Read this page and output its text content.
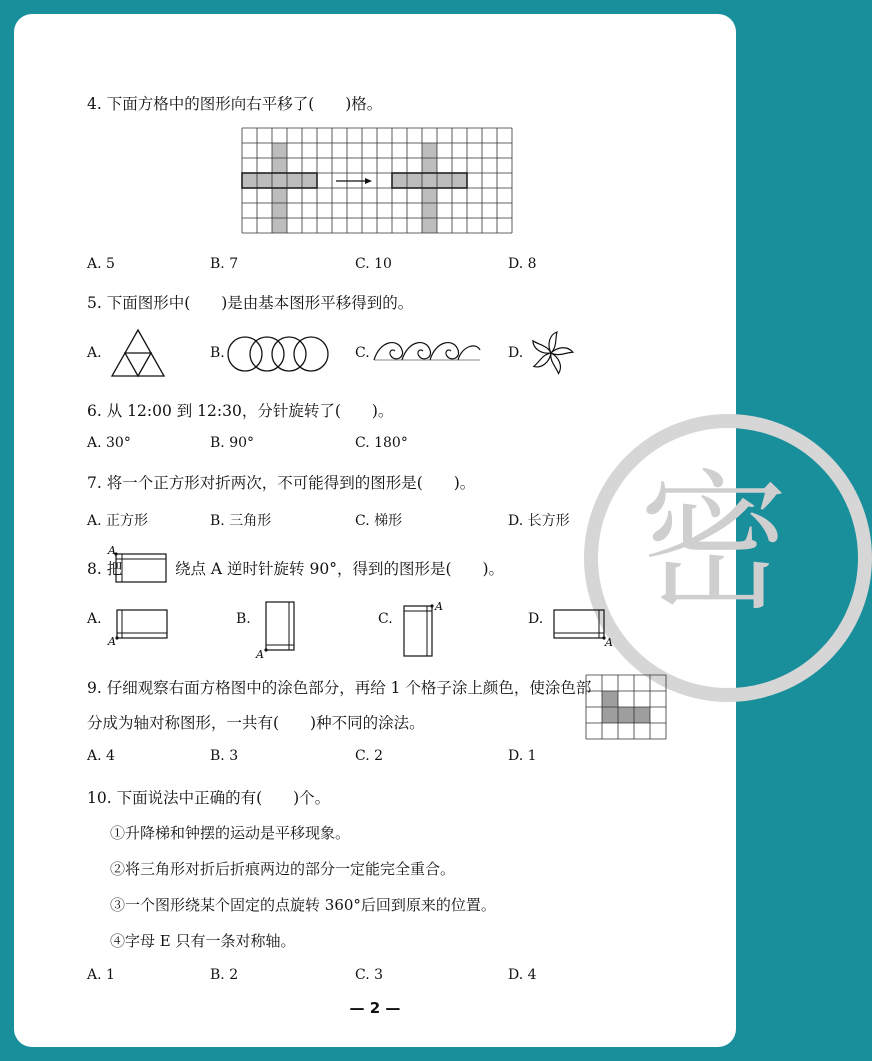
密
4. 下面方格中的图形向右平移了(　　)格。
A. 5	B. 7	C. 10	D. 8
5. 下面图形中(　　)是由基本图形平移得到的。
A.	B.	C.	D.
6. 从 12:00 到 12:30，分针旋转了(　　)。
A. 30°	B. 90°	C. 180°
7. 将一个正方形对折两次，不可能得到的图形是(　　)。
A. 正方形	B. 三角形	C. 梯形	D. 长方形
8. 把
A
绕点 A 逆时针旋转 90°，得到的图形是(　　)。
A.
A
B.
A
C.
A
D.
A
9. 仔细观察右面方格图中的涂色部分，再给 1 个格子涂上颜色，使涂色部
分成为轴对称图形，一共有(　　)种不同的涂法。
A. 4	B. 3	C. 2	D. 1
10. 下面说法中正确的有(　　)个。
①升降梯和钟摆的运动是平移现象。
②将三角形对折后折痕两边的部分一定能完全重合。
③一个图形绕某个固定的点旋转 360°后回到原来的位置。
④字母 E 只有一条对称轴。
A. 1	B. 2	C. 3	D. 4
— 2 —
